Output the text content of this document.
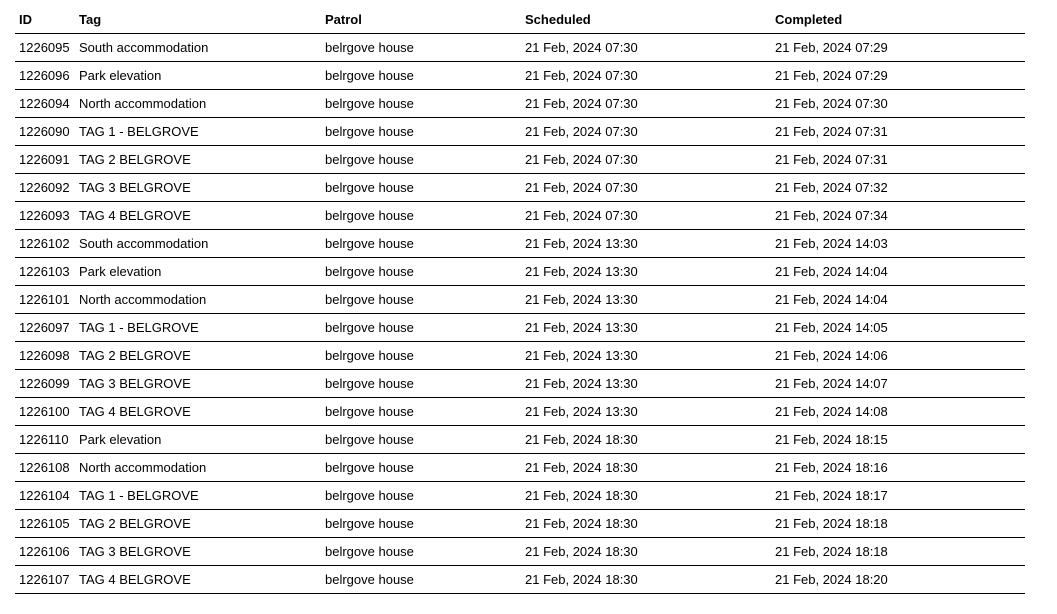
ID	Tag	Patrol	Scheduled	Completed
1226095	South accommodation	belrgove house	21 Feb, 2024 07:30	21 Feb, 2024 07:29
1226096	Park elevation	belrgove house	21 Feb, 2024 07:30	21 Feb, 2024 07:29
1226094	North accommodation	belrgove house	21 Feb, 2024 07:30	21 Feb, 2024 07:30
1226090	TAG 1 - BELGROVE	belrgove house	21 Feb, 2024 07:30	21 Feb, 2024 07:31
1226091	TAG 2 BELGROVE	belrgove house	21 Feb, 2024 07:30	21 Feb, 2024 07:31
1226092	TAG 3 BELGROVE	belrgove house	21 Feb, 2024 07:30	21 Feb, 2024 07:32
1226093	TAG 4 BELGROVE	belrgove house	21 Feb, 2024 07:30	21 Feb, 2024 07:34
1226102	South accommodation	belrgove house	21 Feb, 2024 13:30	21 Feb, 2024 14:03
1226103	Park elevation	belrgove house	21 Feb, 2024 13:30	21 Feb, 2024 14:04
1226101	North accommodation	belrgove house	21 Feb, 2024 13:30	21 Feb, 2024 14:04
1226097	TAG 1 - BELGROVE	belrgove house	21 Feb, 2024 13:30	21 Feb, 2024 14:05
1226098	TAG 2 BELGROVE	belrgove house	21 Feb, 2024 13:30	21 Feb, 2024 14:06
1226099	TAG 3 BELGROVE	belrgove house	21 Feb, 2024 13:30	21 Feb, 2024 14:07
1226100	TAG 4 BELGROVE	belrgove house	21 Feb, 2024 13:30	21 Feb, 2024 14:08
1226110	Park elevation	belrgove house	21 Feb, 2024 18:30	21 Feb, 2024 18:15
1226108	North accommodation	belrgove house	21 Feb, 2024 18:30	21 Feb, 2024 18:16
1226104	TAG 1 - BELGROVE	belrgove house	21 Feb, 2024 18:30	21 Feb, 2024 18:17
1226105	TAG 2 BELGROVE	belrgove house	21 Feb, 2024 18:30	21 Feb, 2024 18:18
1226106	TAG 3 BELGROVE	belrgove house	21 Feb, 2024 18:30	21 Feb, 2024 18:18
1226107	TAG 4 BELGROVE	belrgove house	21 Feb, 2024 18:30	21 Feb, 2024 18:20
